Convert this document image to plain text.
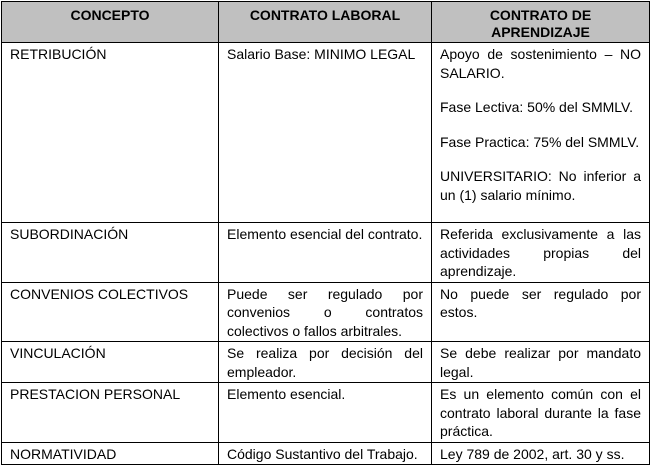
CONCEPTO	CONTRATO LABORAL	CONTRATO DE APRENDIZAJE
RETRIBUCIÓN	Salario Base: MINIMO LEGAL	Apoyo de sostenimiento – NO SALARIO.

Fase Lectiva: 50% del SMMLV.

Fase Practica: 75% del SMMLV.

UNIVERSITARIO: No inferior a un (1) salario mínimo.

SUBORDINACIÓN	Elemento esencial del contrato.	Referida exclusivamente a las actividades propias del aprendizaje.
CONVENIOS COLECTIVOS	Puede ser regulado por convenios o contratos colectivos o fallos arbitrales.	No puede ser regulado por estos.
VINCULACIÓN	Se realiza por decisión del empleador.	Se debe realizar por mandato legal.
PRESTACION PERSONAL	Elemento esencial.	Es un elemento común con el contrato laboral durante la fase práctica.
NORMATIVIDAD	Código Sustantivo del Trabajo.	Ley 789 de 2002, art. 30 y ss.
